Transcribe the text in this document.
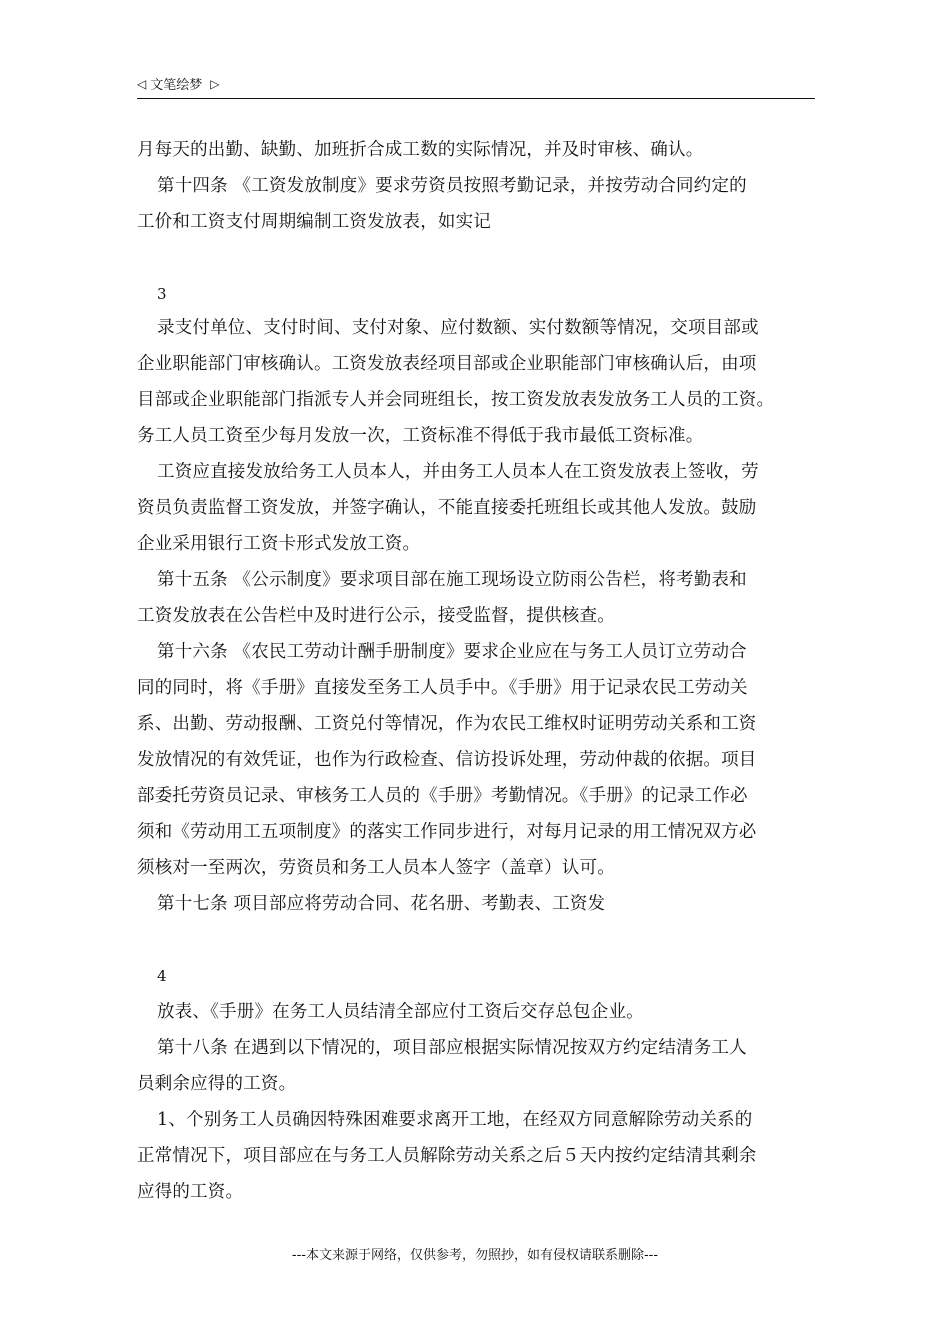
◁ 文笔绘梦 ▷
月每天的出勤、缺勤、加班折合成工数的实际情况，并及时审核、确认。
第十四条 《工资发放制度》要求劳资员按照考勤记录，并按劳动合同约定的
工价和工资支付周期编制工资发放表，如实记
3
录支付单位、支付时间、支付对象、应付数额、实付数额等情况，交项目部或
企业职能部门审核确认。工资发放表经项目部或企业职能部门审核确认后，由项
目部或企业职能部门指派专人并会同班组长，按工资发放表发放务工人员的工资。
务工人员工资至少每月发放一次，工资标准不得低于我市最低工资标准。
工资应直接发放给务工人员本人，并由务工人员本人在工资发放表上签收，劳
资员负责监督工资发放，并签字确认，不能直接委托班组长或其他人发放。鼓励
企业采用银行工资卡形式发放工资。
第十五条 《公示制度》要求项目部在施工现场设立防雨公告栏，将考勤表和
工资发放表在公告栏中及时进行公示，接受监督，提供核查。
第十六条 《农民工劳动计酬手册制度》要求企业应在与务工人员订立劳动合
同的同时，将《手册》直接发至务工人员手中。《手册》用于记录农民工劳动关
系、出勤、劳动报酬、工资兑付等情况，作为农民工维权时证明劳动关系和工资
发放情况的有效凭证，也作为行政检查、信访投诉处理，劳动仲裁的依据。项目
部委托劳资员记录、审核务工人员的《手册》考勤情况。《手册》的记录工作必
须和《劳动用工五项制度》的落实工作同步进行，对每月记录的用工情况双方必
须核对一至两次，劳资员和务工人员本人签字（盖章）认可。
第十七条 项目部应将劳动合同、花名册、考勤表、工资发
4
放表、《手册》在务工人员结清全部应付工资后交存总包企业。
第十八条 在遇到以下情况的，项目部应根据实际情况按双方约定结清务工人
员剩余应得的工资。
1、个别务工人员确因特殊困难要求离开工地，在经双方同意解除劳动关系的
正常情况下，项目部应在与务工人员解除劳动关系之后５天内按约定结清其剩余
应得的工资。
---本文来源于网络，仅供参考，勿照抄，如有侵权请联系删除---
